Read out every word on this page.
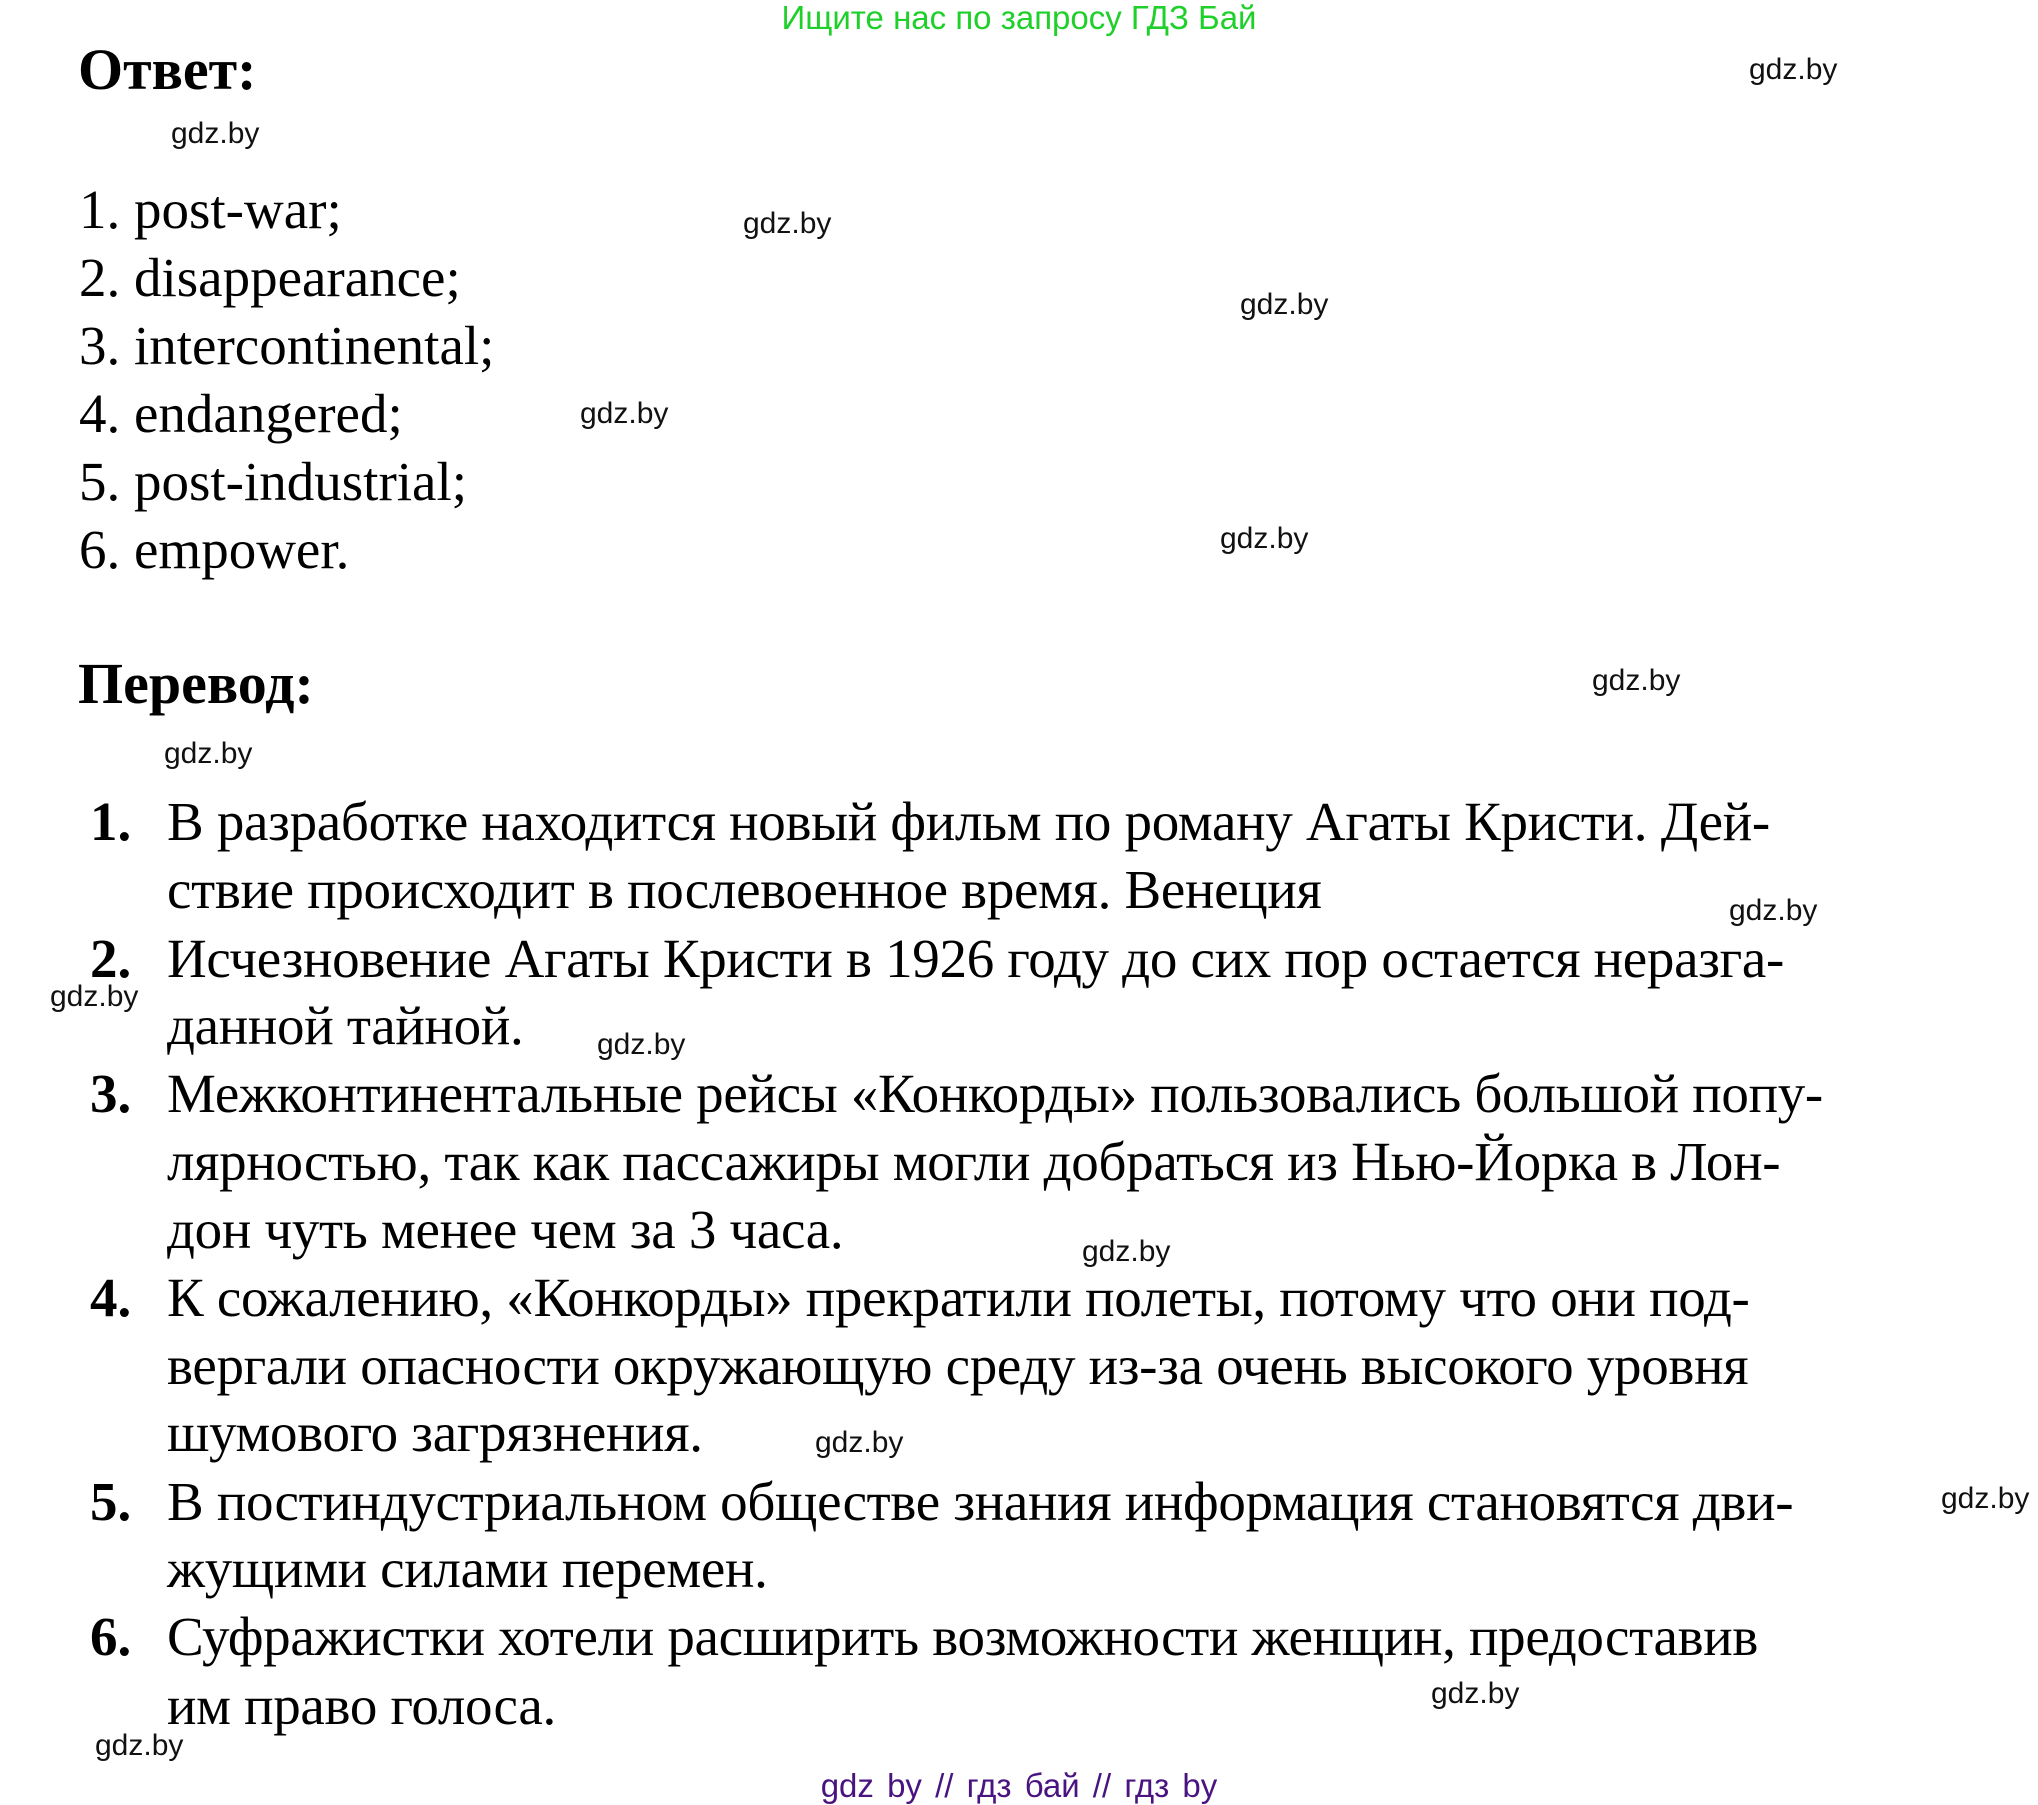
Ищите нас по запросу ГДЗ Бай
Ответ:
1. post-war;
2. disappearance;
3. intercontinental;
4. endangered;
5. post-industrial;
6. empower.
Перевод:
1. В разработке находится новый фильм по роману Агаты Кристи. Дей-
ствие происходит в послевоенное время. Венеция
2. Исчезновение Агаты Кристи в 1926 году до сих пор остается неразга-
данной тайной.
3. Межконтинентальные рейсы «Конкорды» пользовались большой попу-
лярностью, так как пассажиры могли добраться из Нью-Йорка в Лон-
дон чуть менее чем за 3 часа.
4. К сожалению, «Конкорды» прекратили полеты, потому что они под-
вергали опасности окружающую среду из-за очень высокого уровня
шумового загрязнения.
5. В постиндустриальном обществе знания информация становятся дви-
жущими силами перемен.
6. Суфражистки хотели расширить возможности женщин, предоставив
им право голоса.
gdz.by
gdz.by
gdz.by
gdz.by
gdz.by
gdz.by
gdz.by
gdz.by
gdz.by
gdz.by
gdz.by
gdz.by
gdz.by
gdz.by
gdz.by
gdz.by
gdz by // гдз бай // гдз by
